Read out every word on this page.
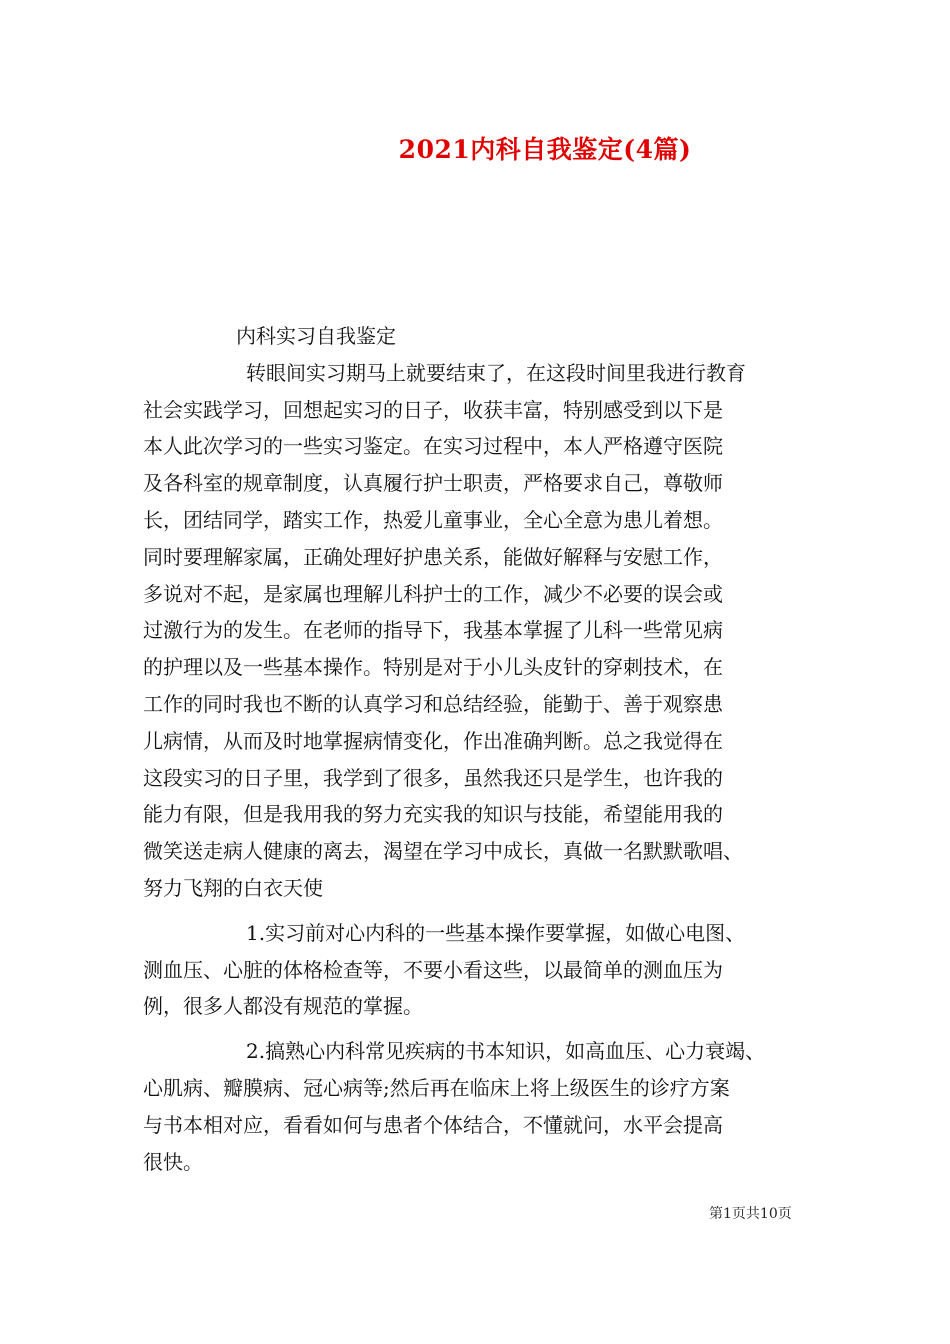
2021内科自我鉴定(4篇)
内科实习自我鉴定
转眼间实习期马上就要结束了，在这段时间里我进行教育
社会实践学习，回想起实习的日子，收获丰富，特别感受到以下是
本人此次学习的一些实习鉴定。在实习过程中，本人严格遵守医院
及各科室的规章制度，认真履行护士职责，严格要求自己，尊敬师
长，团结同学，踏实工作，热爱儿童事业，全心全意为患儿着想。
同时要理解家属，正确处理好护患关系，能做好解释与安慰工作，
多说对不起，是家属也理解儿科护士的工作，减少不必要的误会或
过激行为的发生。在老师的指导下，我基本掌握了儿科一些常见病
的护理以及一些基本操作。特别是对于小儿头皮针的穿刺技术，在
工作的同时我也不断的认真学习和总结经验，能勤于、善于观察患
儿病情，从而及时地掌握病情变化，作出准确判断。总之我觉得在
这段实习的日子里，我学到了很多，虽然我还只是学生，也许我的
能力有限，但是我用我的努力充实我的知识与技能，希望能用我的
微笑送走病人健康的离去，渴望在学习中成长，真做一名默默歌唱、
努力飞翔的白衣天使
1.实习前对心内科的一些基本操作要掌握，如做心电图、
测血压、心脏的体格检查等，不要小看这些，以最简单的测血压为
例，很多人都没有规范的掌握。
2.搞熟心内科常见疾病的书本知识，如高血压、心力衰竭、
心肌病、瓣膜病、冠心病等;然后再在临床上将上级医生的诊疗方案
与书本相对应，看看如何与患者个体结合，不懂就问，水平会提高
很快。
第1页共10页
